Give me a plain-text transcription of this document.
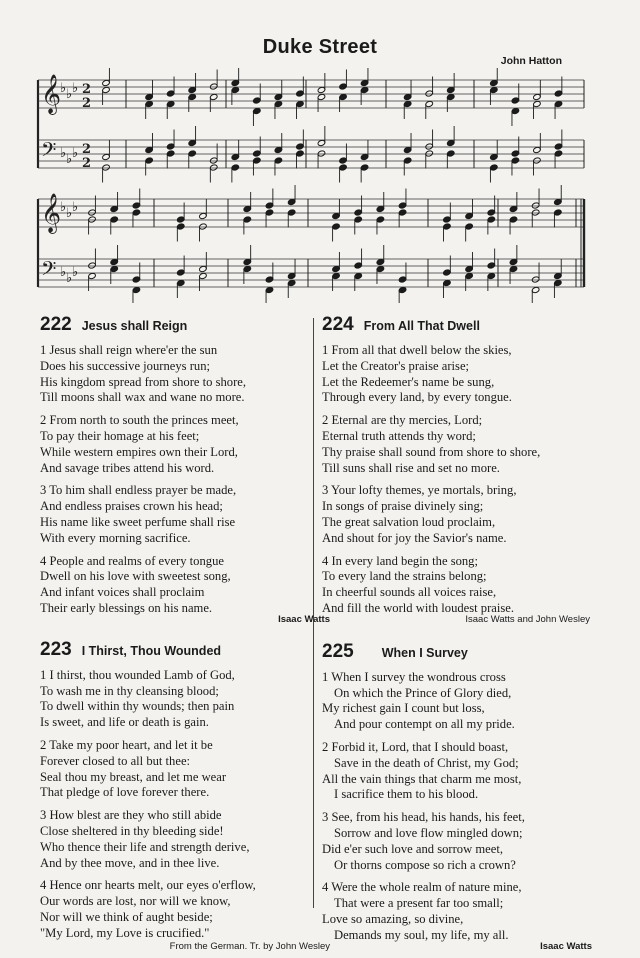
Duke Street
John Hatton
𝄞
♭ ♭ ♭ 2
2
𝄢 ♭ ♭ ♭ 2
2
𝄞
♭ ♭ ♭
𝄢 ♭ ♭ ♭
222 Jesus shall Reign
1 Jesus shall reign where'er the sun
Does his successive journeys run;
His kingdom spread from shore to shore,
Till moons shall wax and wane no more.
2 From north to south the princes meet,
To pay their homage at his feet;
While western empires own their Lord,
And savage tribes attend his word.
3 To him shall endless prayer be made,
And endless praises crown his head;
His name like sweet perfume shall rise
With every morning sacrifice.
4 People and realms of every tongue
Dwell on his love with sweetest song,
And infant voices shall proclaim
Their early blessings on his name.
Isaac Watts
223 I Thirst, Thou Wounded
1 I thirst, thou wounded Lamb of God,
To wash me in thy cleansing blood;
To dwell within thy wounds; then pain
Is sweet, and life or death is gain.
2 Take my poor heart, and let it be
Forever closed to all but thee:
Seal thou my breast, and let me wear
That pledge of love forever there.
3 How blest are they who still abide
Close sheltered in thy bleeding side!
Who thence their life and strength derive,
And by thee move, and in thee live.
4 Hence onr hearts melt, our eyes o'erflow,
Our words are lost, nor will we know,
Nor will we think of aught beside;
"My Lord, my Love is crucified."
From the German. Tr. by John Wesley
224 From All That Dwell
1 From all that dwell below the skies,
Let the Creator's praise arise;
Let the Redeemer's name be sung,
Through every land, by every tongue.
2 Eternal are thy mercies, Lord;
Eternal truth attends thy word;
Thy praise shall sound from shore to shore,
Till suns shall rise and set no more.
3 Your lofty themes, ye mortals, bring,
In songs of praise divinely sing;
The great salvation loud proclaim,
And shout for joy the Savior's name.
4 In every land begin the song;
To every land the strains belong;
In cheerful sounds all voices raise,
And fill the world with loudest praise.
Isaac Watts and John Wesley
225 When I Survey
1 When I survey the wondrous cross
On which the Prince of Glory died,
My richest gain I count but loss,
And pour contempt on all my pride.
2 Forbid it, Lord, that I should boast,
Save in the death of Christ, my God;
All the vain things that charm me most,
I sacrifice them to his blood.
3 See, from his head, his hands, his feet,
Sorrow and love flow mingled down;
Did e'er such love and sorrow meet,
Or thorns compose so rich a crown?
4 Were the whole realm of nature mine,
That were a present far too small;
Love so amazing, so divine,
Demands my soul, my life, my all.
Isaac Watts
